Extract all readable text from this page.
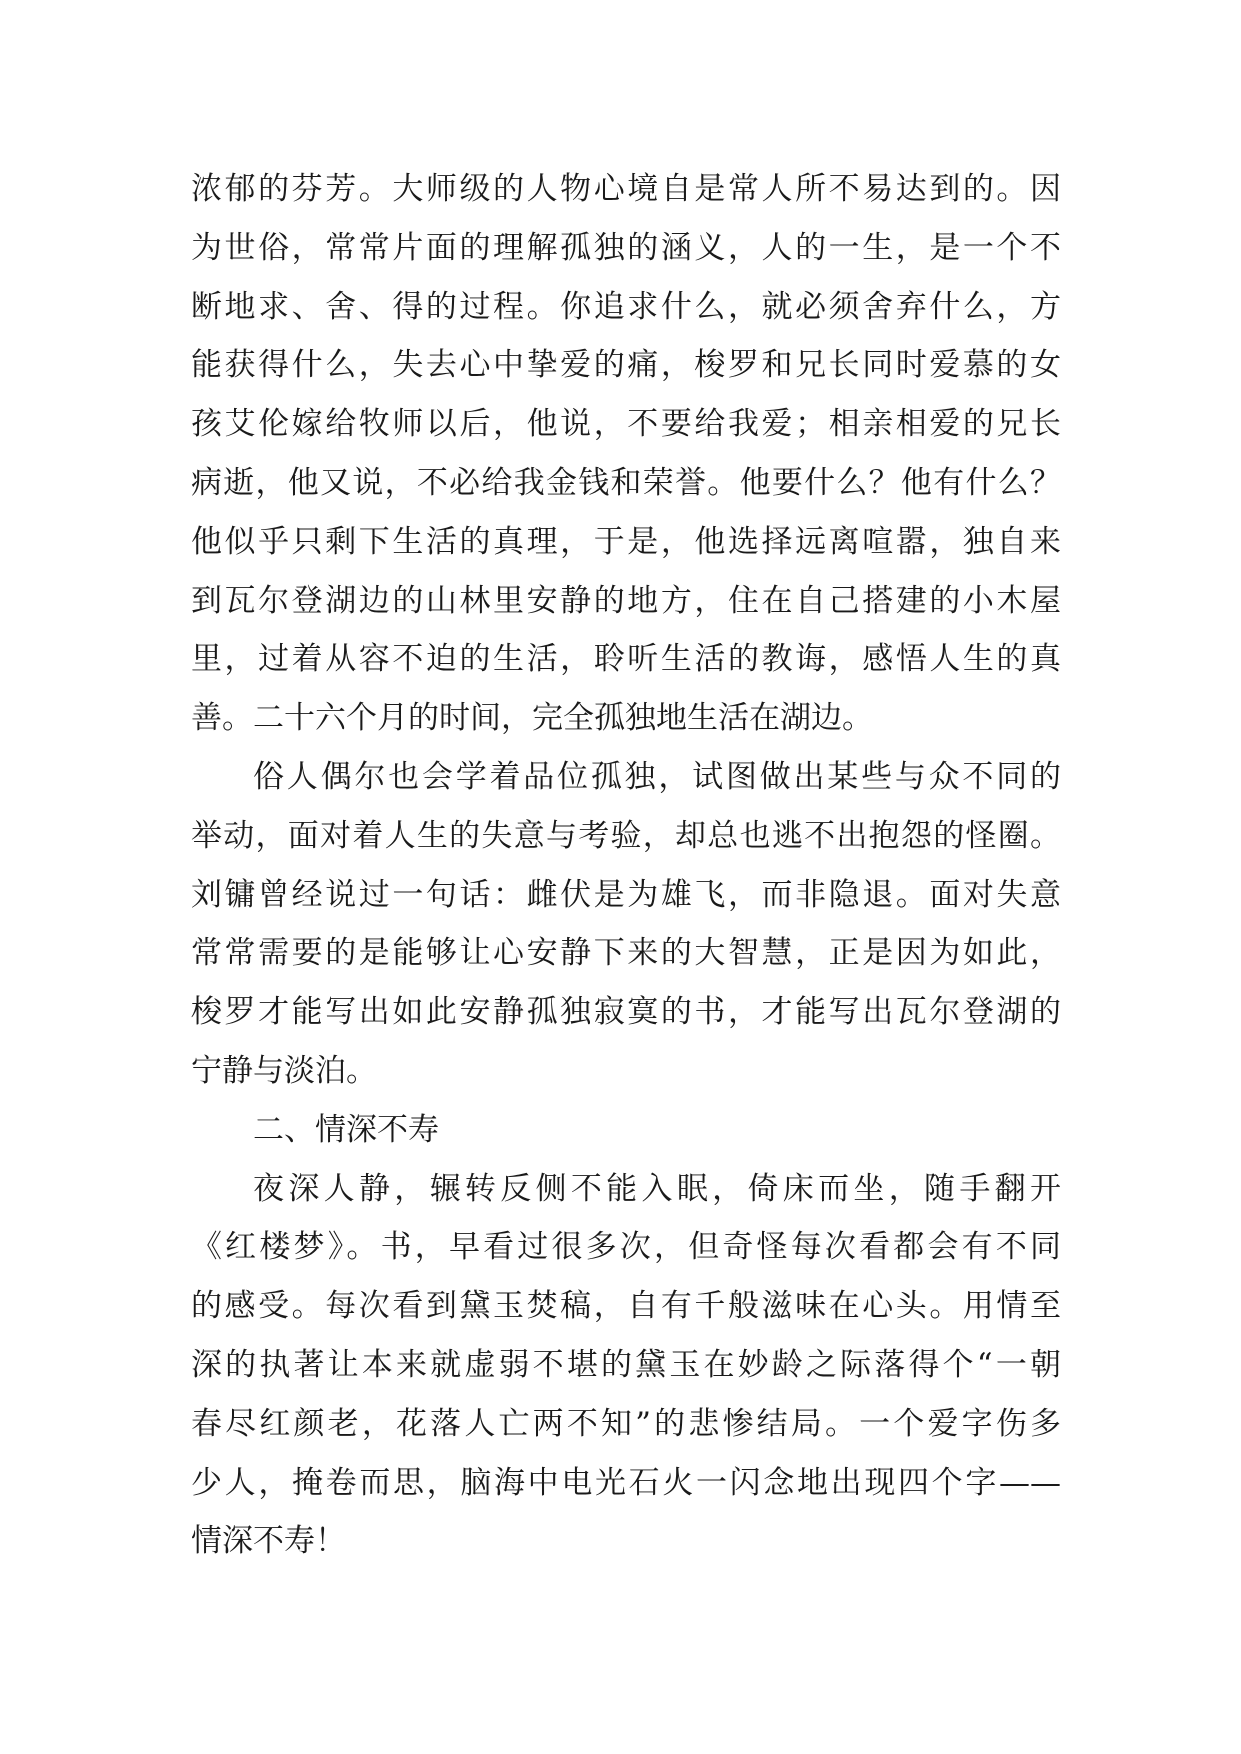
浓郁的芬芳。大师级的人物心境自是常人所不易达到的。因
为世俗，常常片面的理解孤独的涵义，人的一生，是一个不
断地求、舍、得的过程。你追求什么，就必须舍弃什么，方
能获得什么，失去心中挚爱的痛，梭罗和兄长同时爱慕的女
孩艾伦嫁给牧师以后，他说，不要给我爱；相亲相爱的兄长
病逝，他又说，不必给我金钱和荣誉。他要什么？他有什么？
他似乎只剩下生活的真理，于是，他选择远离喧嚣，独自来
到瓦尔登湖边的山林里安静的地方，住在自己搭建的小木屋
里，过着从容不迫的生活，聆听生活的教诲，感悟人生的真
善。二十六个月的时间，完全孤独地生活在湖边。
俗人偶尔也会学着品位孤独，试图做出某些与众不同的
举动，面对着人生的失意与考验，却总也逃不出抱怨的怪圈。
刘镛曾经说过一句话：雌伏是为雄飞，而非隐退。面对失意
常常需要的是能够让心安静下来的大智慧，正是因为如此，
梭罗才能写出如此安静孤独寂寞的书，才能写出瓦尔登湖的
宁静与淡泊。
二、情深不寿
夜深人静，辗转反侧不能入眠，倚床而坐，随手翻开
《红楼梦》。书，早看过很多次，但奇怪每次看都会有不同
的感受。每次看到黛玉焚稿，自有千般滋味在心头。用情至
深的执著让本来就虚弱不堪的黛玉在妙龄之际落得个“一朝
春尽红颜老，花落人亡两不知”的悲惨结局。一个爱字伤多
少人，掩卷而思，脑海中电光石火一闪念地出现四个字——
情深不寿！
